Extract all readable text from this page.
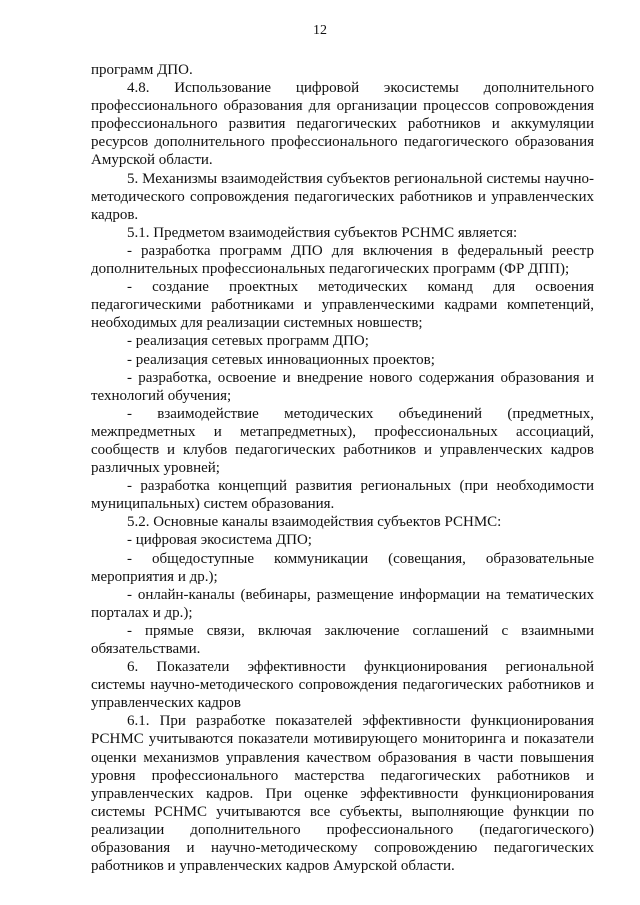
12

программ ДПО.

4.8. Использование цифровой экосистемы дополнительного профессионального образования для организации процессов сопровождения профессионального развития педагогических работников и аккумуляции ресурсов дополнительного профессионального педагогического образования Амурской области.

5. Механизмы взаимодействия субъектов региональной системы научно-методического сопровождения педагогических работников и управленческих кадров.

5.1. Предметом взаимодействия субъектов РСНМС является:

- разработка программ ДПО для включения в федеральный реестр дополнительных профессиональных педагогических программ (ФР ДПП);

- создание проектных методических команд для освоения педагогическими работниками и управленческими кадрами компетенций, необходимых для реализации системных новшеств;

- реализация сетевых программ ДПО;

- реализация сетевых инновационных проектов;

- разработка, освоение и внедрение нового содержания образования и технологий обучения;

- взаимодействие методических объединений (предметных, межпредметных и метапредметных), профессиональных ассоциаций, сообществ и клубов педагогических работников и управленческих кадров различных уровней;

- разработка концепций развития региональных (при необходимости муниципальных) систем образования.

5.2. Основные каналы взаимодействия субъектов РСНМС:

- цифровая экосистема ДПО;

- общедоступные коммуникации (совещания, образовательные мероприятия и др.);

- онлайн-каналы (вебинары, размещение информации на тематических порталах и др.);

- прямые связи, включая заключение соглашений с взаимными обязательствами.

6. Показатели эффективности функционирования региональной системы научно-методического сопровождения педагогических работников и управленческих кадров

6.1. При разработке показателей эффективности функционирования РСНМС учитываются показатели мотивирующего мониторинга и показатели оценки механизмов управления качеством образования в части повышения уровня профессионального мастерства педагогических работников и управленческих кадров. При оценке эффективности функционирования системы РСНМС учитываются все субъекты, выполняющие функции по реализации дополнительного профессионального (педагогического) образования и научно-методическому сопровождению педагогических работников и управленческих кадров Амурской области.
